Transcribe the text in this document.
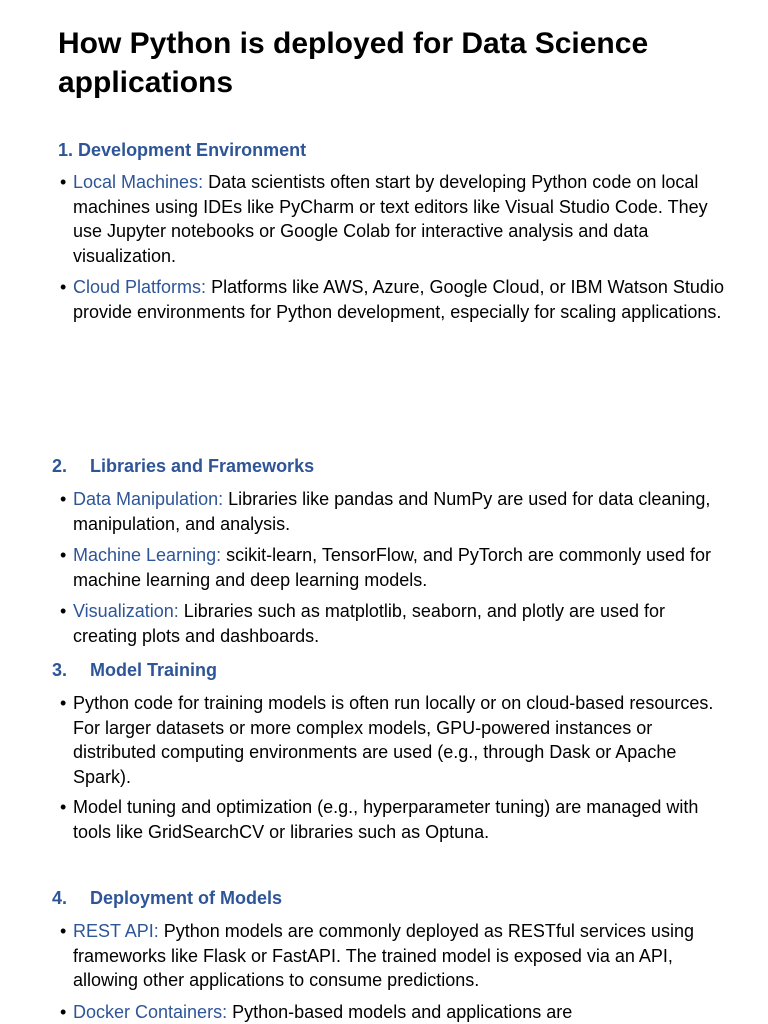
How Python is deployed for Data Science applications
1. Development Environment
• Local Machines: Data scientists often start by developing Python code on local machines using IDEs like PyCharm or text editors like Visual Studio Code. They use Jupyter notebooks or Google Colab for interactive analysis and data visualization.
• Cloud Platforms: Platforms like AWS, Azure, Google Cloud, or IBM Watson Studio provide environments for Python development, especially for scaling applications.
2. Libraries and Frameworks
• Data Manipulation: Libraries like pandas and NumPy are used for data cleaning, manipulation, and analysis.
• Machine Learning: scikit-learn, TensorFlow, and PyTorch are commonly used for machine learning and deep learning models.
• Visualization: Libraries such as matplotlib, seaborn, and plotly are used for creating plots and dashboards.
3. Model Training
• Python code for training models is often run locally or on cloud-based resources. For larger datasets or more complex models, GPU-powered instances or distributed computing environments are used (e.g., through Dask or Apache Spark).
• Model tuning and optimization (e.g., hyperparameter tuning) are managed with tools like GridSearchCV or libraries such as Optuna.
4. Deployment of Models
• REST API: Python models are commonly deployed as RESTful services using frameworks like Flask or FastAPI. The trained model is exposed via an API, allowing other applications to consume predictions.
• Docker Containers: Python-based models and applications are
